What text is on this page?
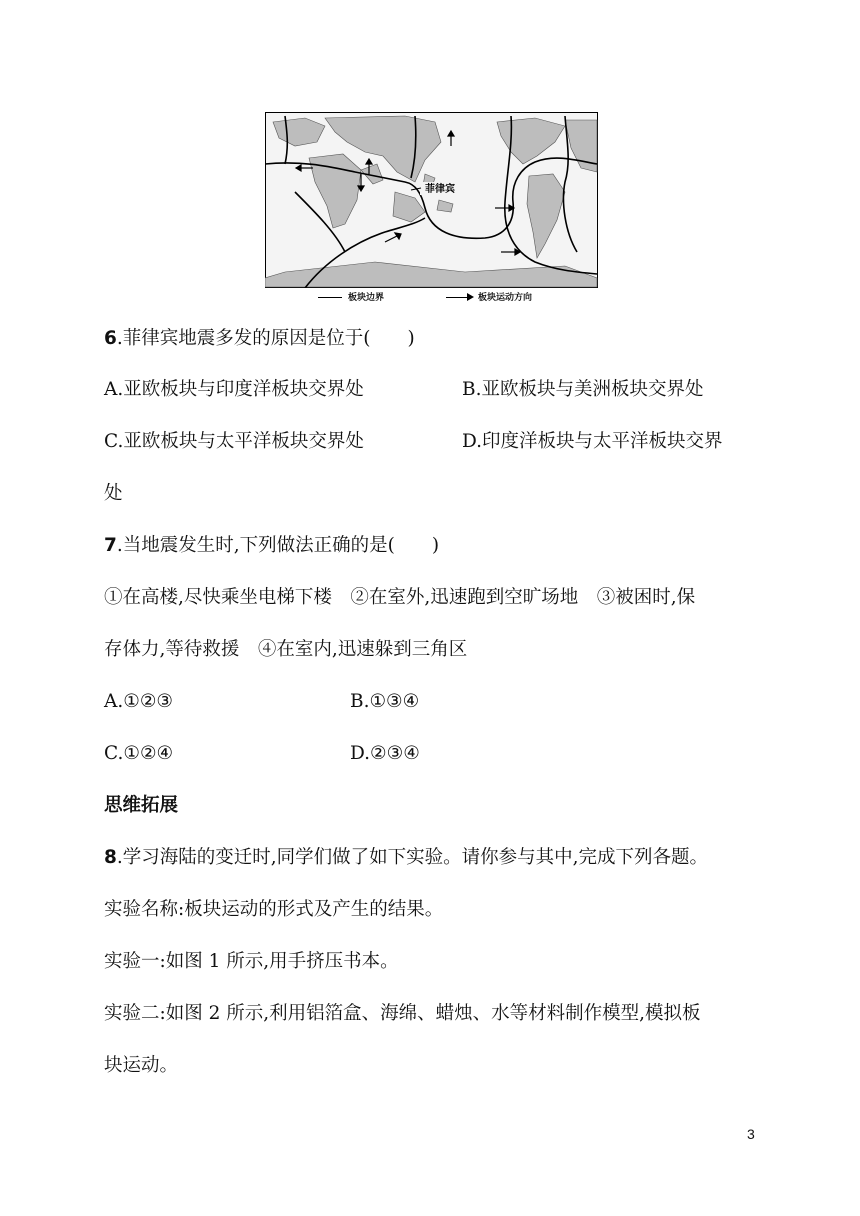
菲律宾
板块边界	板块运动方向
6.菲律宾地震多发的原因是位于(　　)
A.亚欧板块与印度洋板块交界处	B.亚欧板块与美洲板块交界处
C.亚欧板块与太平洋板块交界处	D.印度洋板块与太平洋板块交界
处
7.当地震发生时,下列做法正确的是(　　)
①在高楼,尽快乘坐电梯下楼　②在室外,迅速跑到空旷场地　③被困时,保
存体力,等待救援　④在室内,迅速躲到三角区
A.①②③	B.①③④
C.①②④	D.②③④
思维拓展
8.学习海陆的变迁时,同学们做了如下实验。请你参与其中,完成下列各题。
实验名称:板块运动的形式及产生的结果。
实验一:如图 1 所示,用手挤压书本。
实验二:如图 2 所示,利用铝箔盒、海绵、蜡烛、水等材料制作模型,模拟板
块运动。
3
